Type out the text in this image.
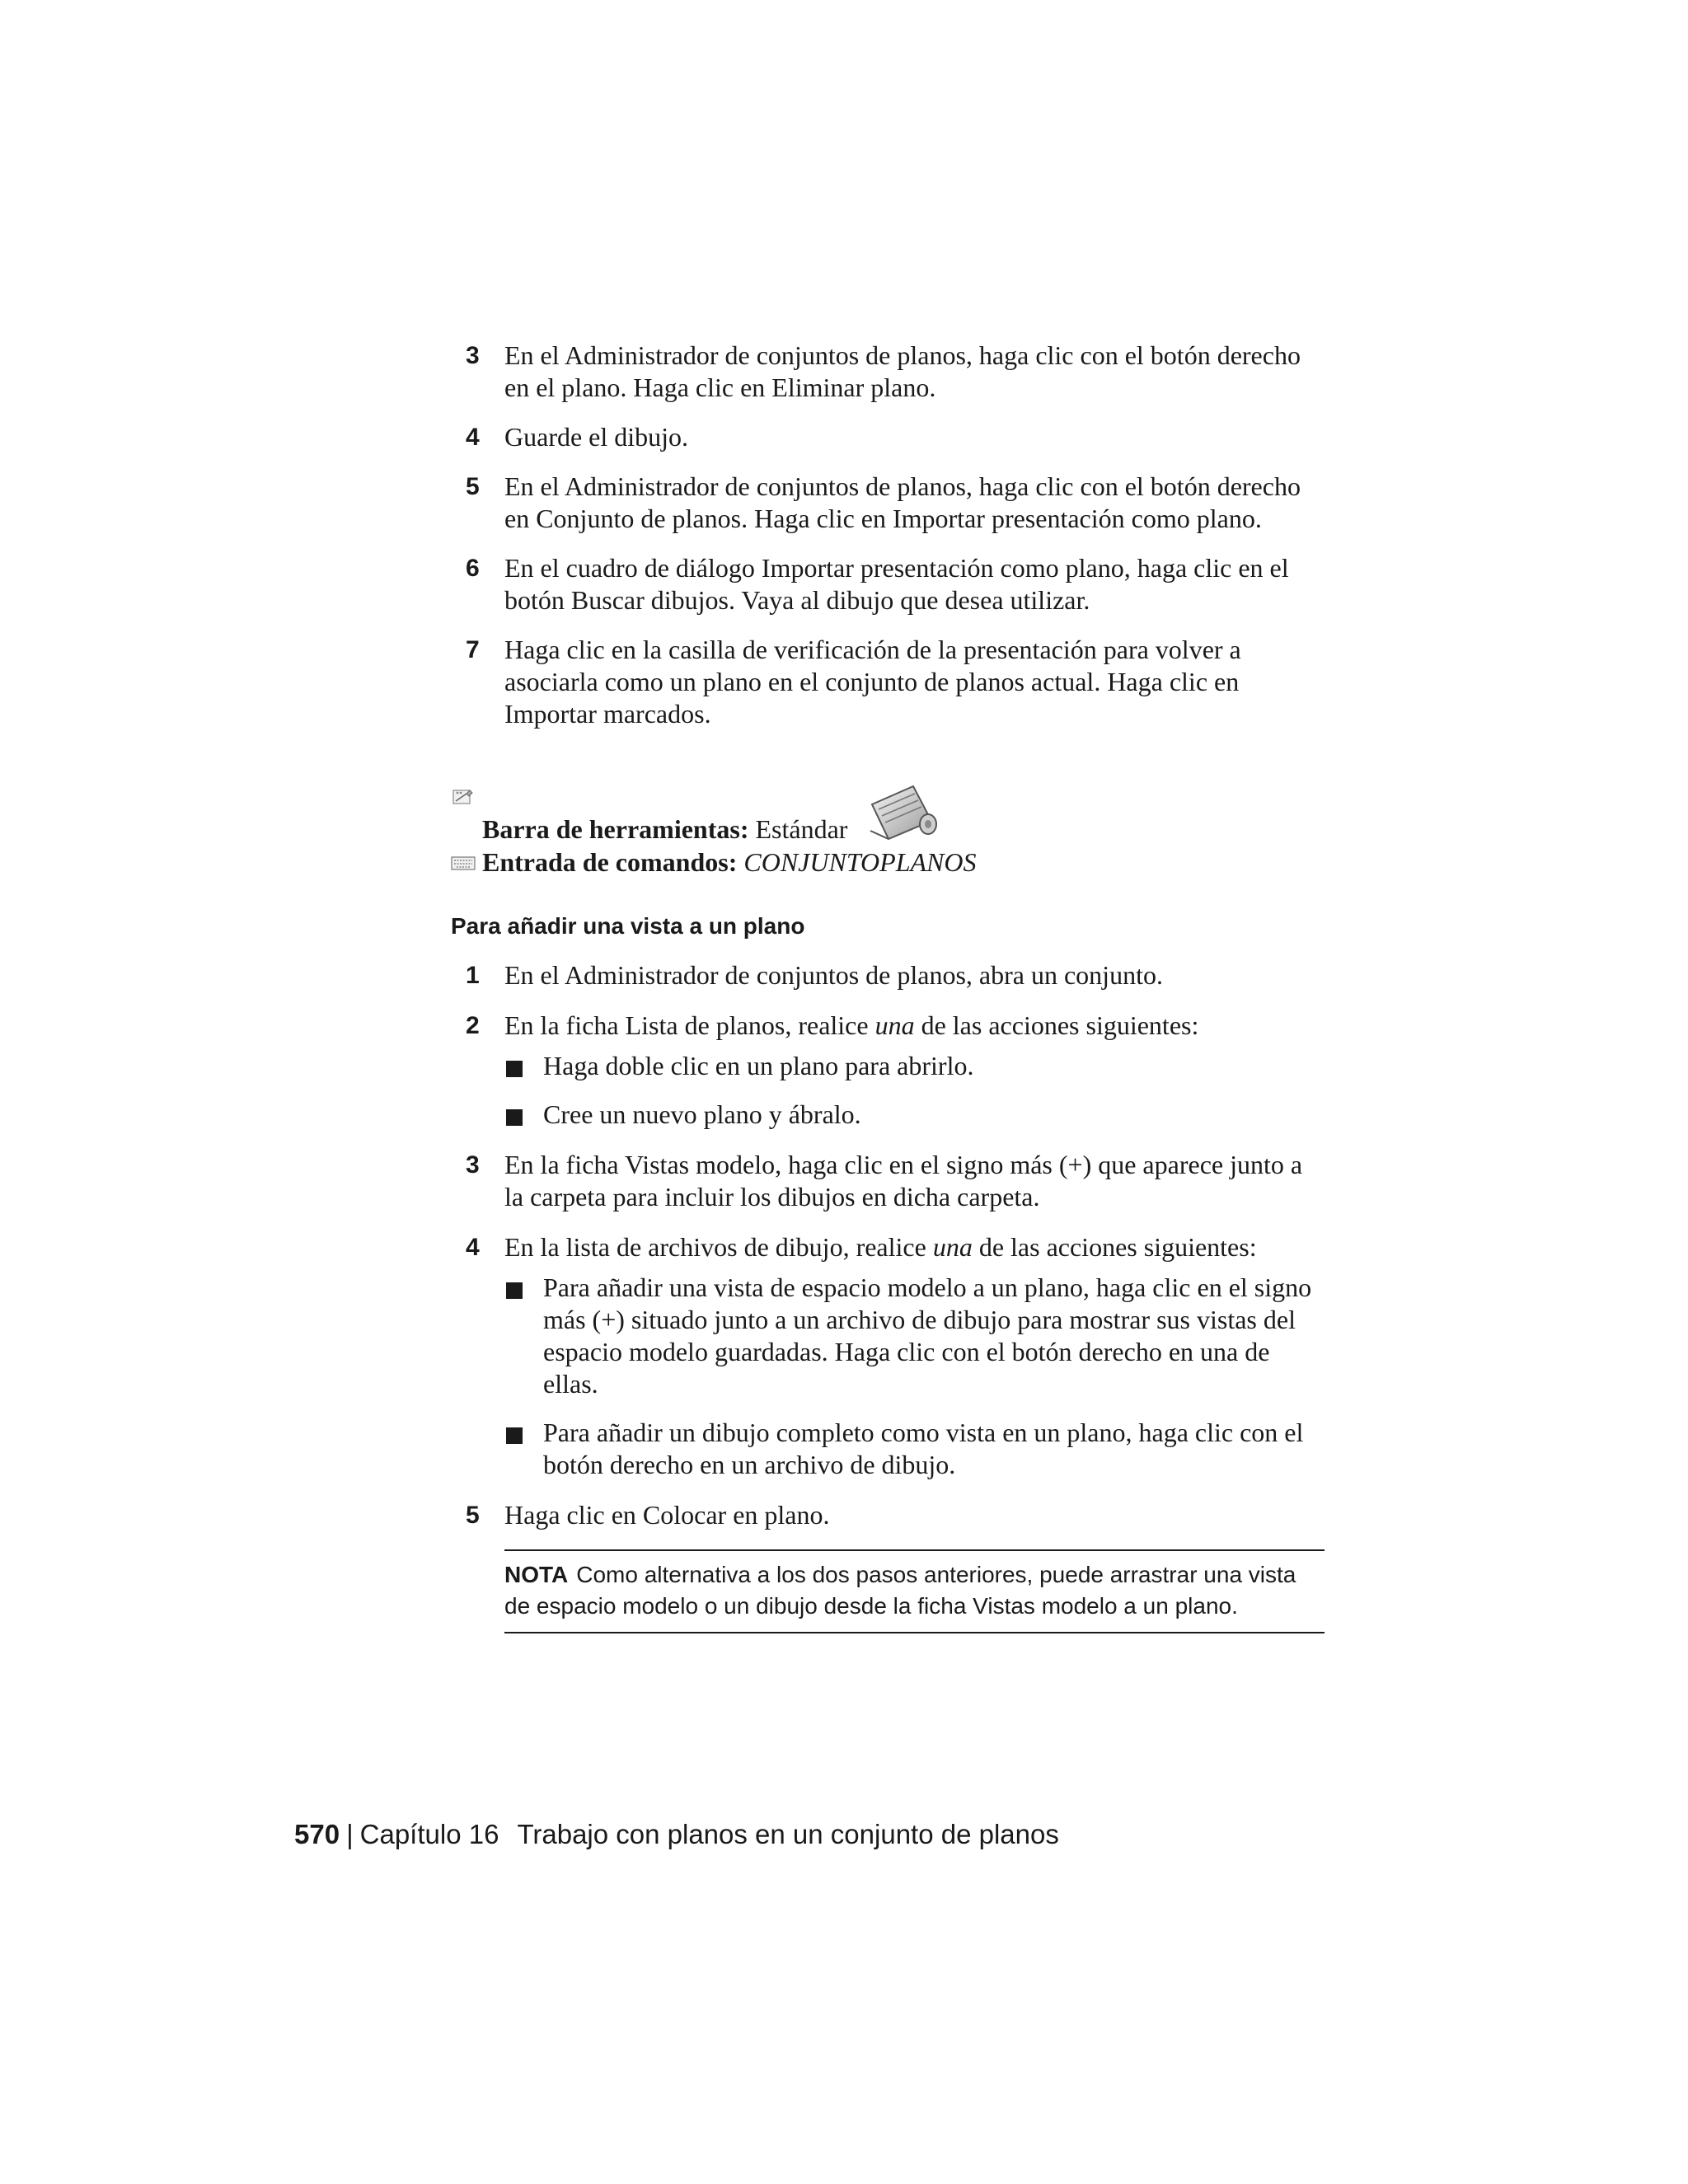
3 En el Administrador de conjuntos de planos, haga clic con el botón derecho en el plano. Haga clic en Eliminar plano.
4 Guarde el dibujo.
5 En el Administrador de conjuntos de planos, haga clic con el botón derecho en Conjunto de planos. Haga clic en Importar presentación como plano.
6 En el cuadro de diálogo Importar presentación como plano, haga clic en el botón Buscar dibujos. Vaya al dibujo que desea utilizar.
7 Haga clic en la casilla de verificación de la presentación para volver a asociarla como un plano en el conjunto de planos actual. Haga clic en Importar marcados.
Barra de herramientas: Estándar
Entrada de comandos: CONJUNTOPLANOS
Para añadir una vista a un plano
1 En el Administrador de conjuntos de planos, abra un conjunto.
2 En la ficha Lista de planos, realice una de las acciones siguientes:
Haga doble clic en un plano para abrirlo.
Cree un nuevo plano y ábralo.
3 En la ficha Vistas modelo, haga clic en el signo más (+) que aparece junto a la carpeta para incluir los dibujos en dicha carpeta.
4 En la lista de archivos de dibujo, realice una de las acciones siguientes:
Para añadir una vista de espacio modelo a un plano, haga clic en el signo más (+) situado junto a un archivo de dibujo para mostrar sus vistas del espacio modelo guardadas. Haga clic con el botón derecho en una de ellas.
Para añadir un dibujo completo como vista en un plano, haga clic con el botón derecho en un archivo de dibujo.
5 Haga clic en Colocar en plano.
NOTA Como alternativa a los dos pasos anteriores, puede arrastrar una vista de espacio modelo o un dibujo desde la ficha Vistas modelo a un plano.
570 | Capítulo 16 Trabajo con planos en un conjunto de planos
